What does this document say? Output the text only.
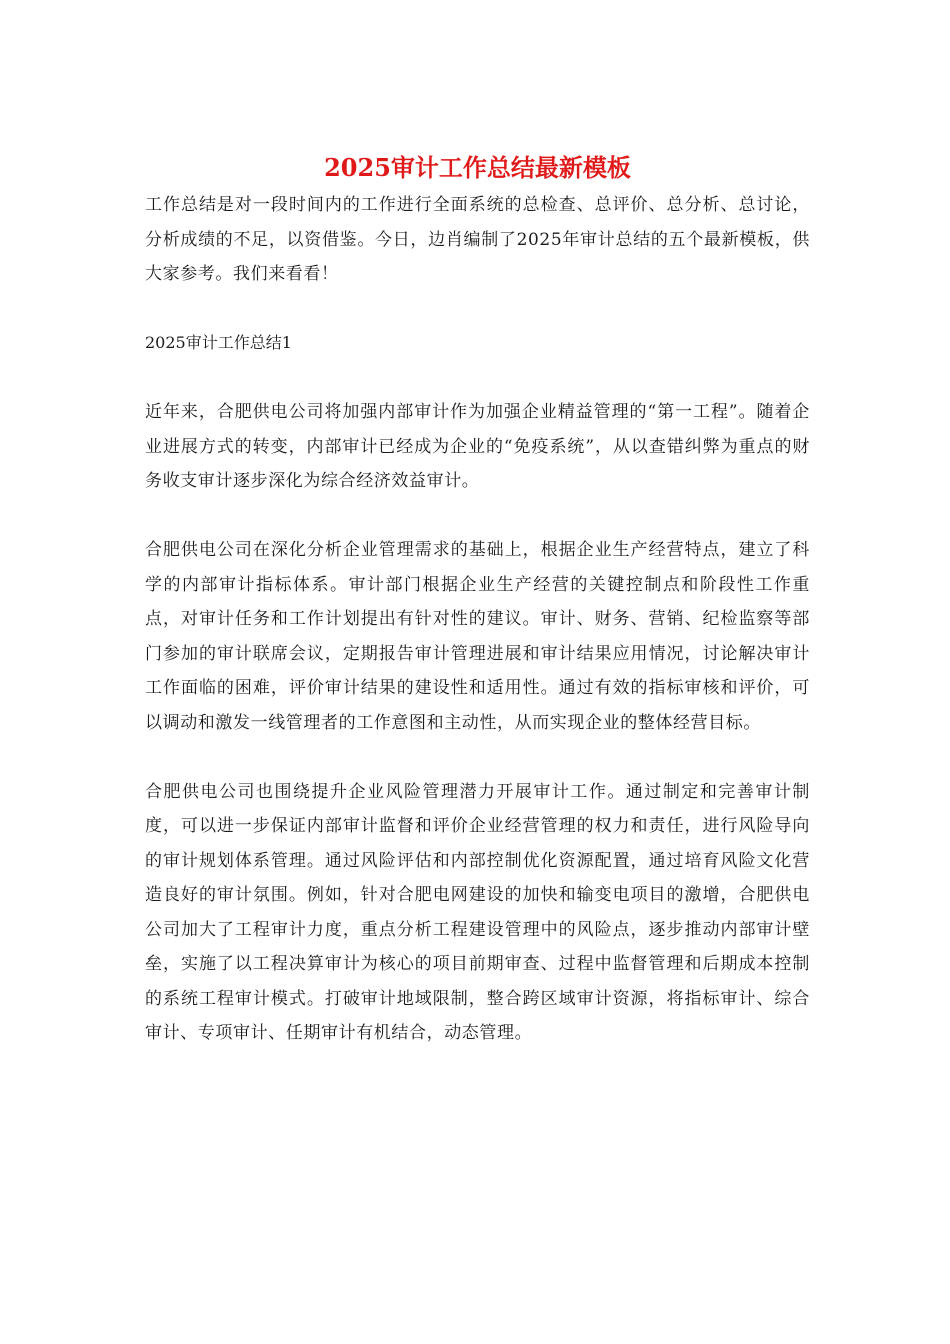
2025审计工作总结最新模板

工作总结是对一段时间内的工作进行全面系统的总检查、总评价、总分析、总讨论，分析成绩的不足，以资借鉴。今日，边肖编制了2025年审计总结的五个最新模板，供大家参考。我们来看看！

2025审计工作总结1

近年来，合肥供电公司将加强内部审计作为加强企业精益管理的“第一工程”。随着企业进展方式的转变，内部审计已经成为企业的“免疫系统”，从以查错纠弊为重点的财务收支审计逐步深化为综合经济效益审计。

合肥供电公司在深化分析企业管理需求的基础上，根据企业生产经营特点，建立了科学的内部审计指标体系。审计部门根据企业生产经营的关键控制点和阶段性工作重点，对审计任务和工作计划提出有针对性的建议。审计、财务、营销、纪检监察等部门参加的审计联席会议，定期报告审计管理进展和审计结果应用情况，讨论解决审计工作面临的困难，评价审计结果的建设性和适用性。通过有效的指标审核和评价，可以调动和激发一线管理者的工作意图和主动性，从而实现企业的整体经营目标。

合肥供电公司也围绕提升企业风险管理潜力开展审计工作。通过制定和完善审计制度，可以进一步保证内部审计监督和评价企业经营管理的权力和责任，进行风险导向的审计规划体系管理。通过风险评估和内部控制优化资源配置，通过培育风险文化营造良好的审计氛围。例如，针对合肥电网建设的加快和输变电项目的激增，合肥供电公司加大了工程审计力度，重点分析工程建设管理中的风险点，逐步推动内部审计壁垒，实施了以工程决算审计为核心的项目前期审查、过程中监督管理和后期成本控制的系统工程审计模式。打破审计地域限制，整合跨区域审计资源，将指标审计、综合审计、专项审计、任期审计有机结合，动态管理。
